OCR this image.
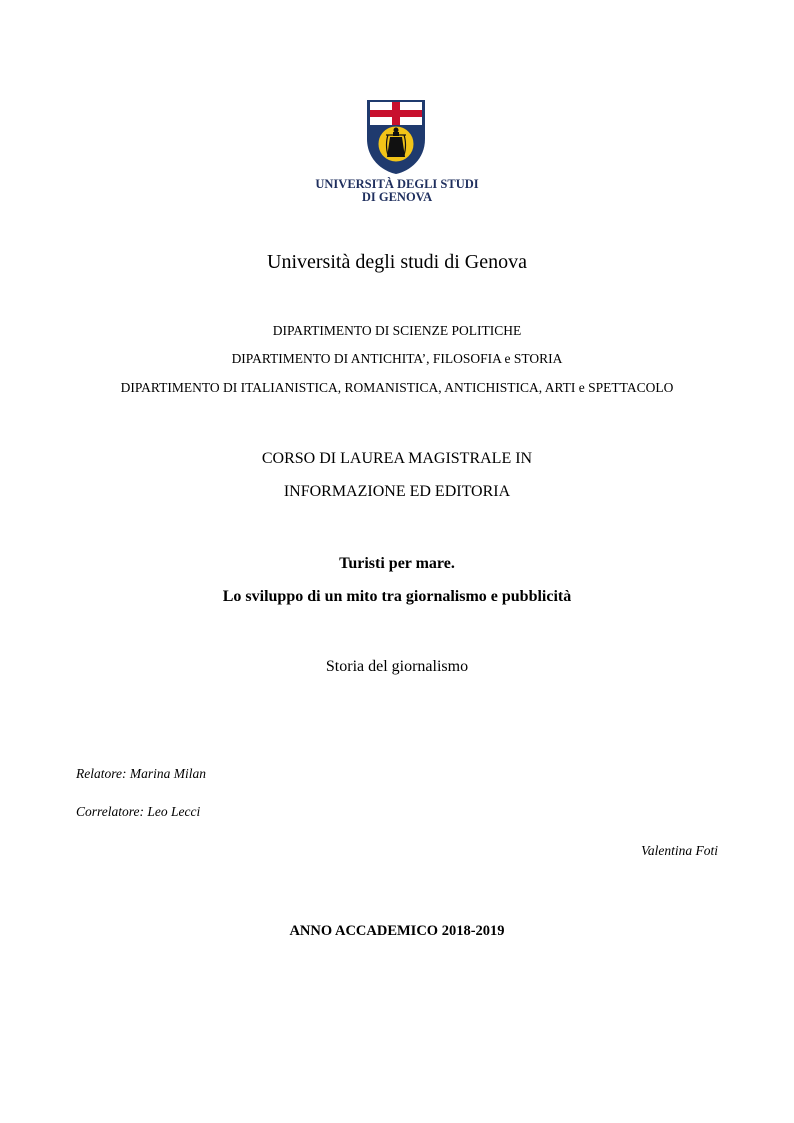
UNIVERSITÀ DEGLI STUDI
DI GENOVA
Università degli studi di Genova
DIPARTIMENTO DI SCIENZE POLITICHE
DIPARTIMENTO DI ANTICHITA’, FILOSOFIA e STORIA
DIPARTIMENTO DI ITALIANISTICA, ROMANISTICA, ANTICHISTICA, ARTI e SPETTACOLO
CORSO DI LAUREA MAGISTRALE IN
INFORMAZIONE ED EDITORIA
Turisti per mare.
Lo sviluppo di un mito tra giornalismo e pubblicità
Storia del giornalismo
Relatore: Marina Milan
Correlatore: Leo Lecci
Valentina Foti
ANNO ACCADEMICO 2018-2019
